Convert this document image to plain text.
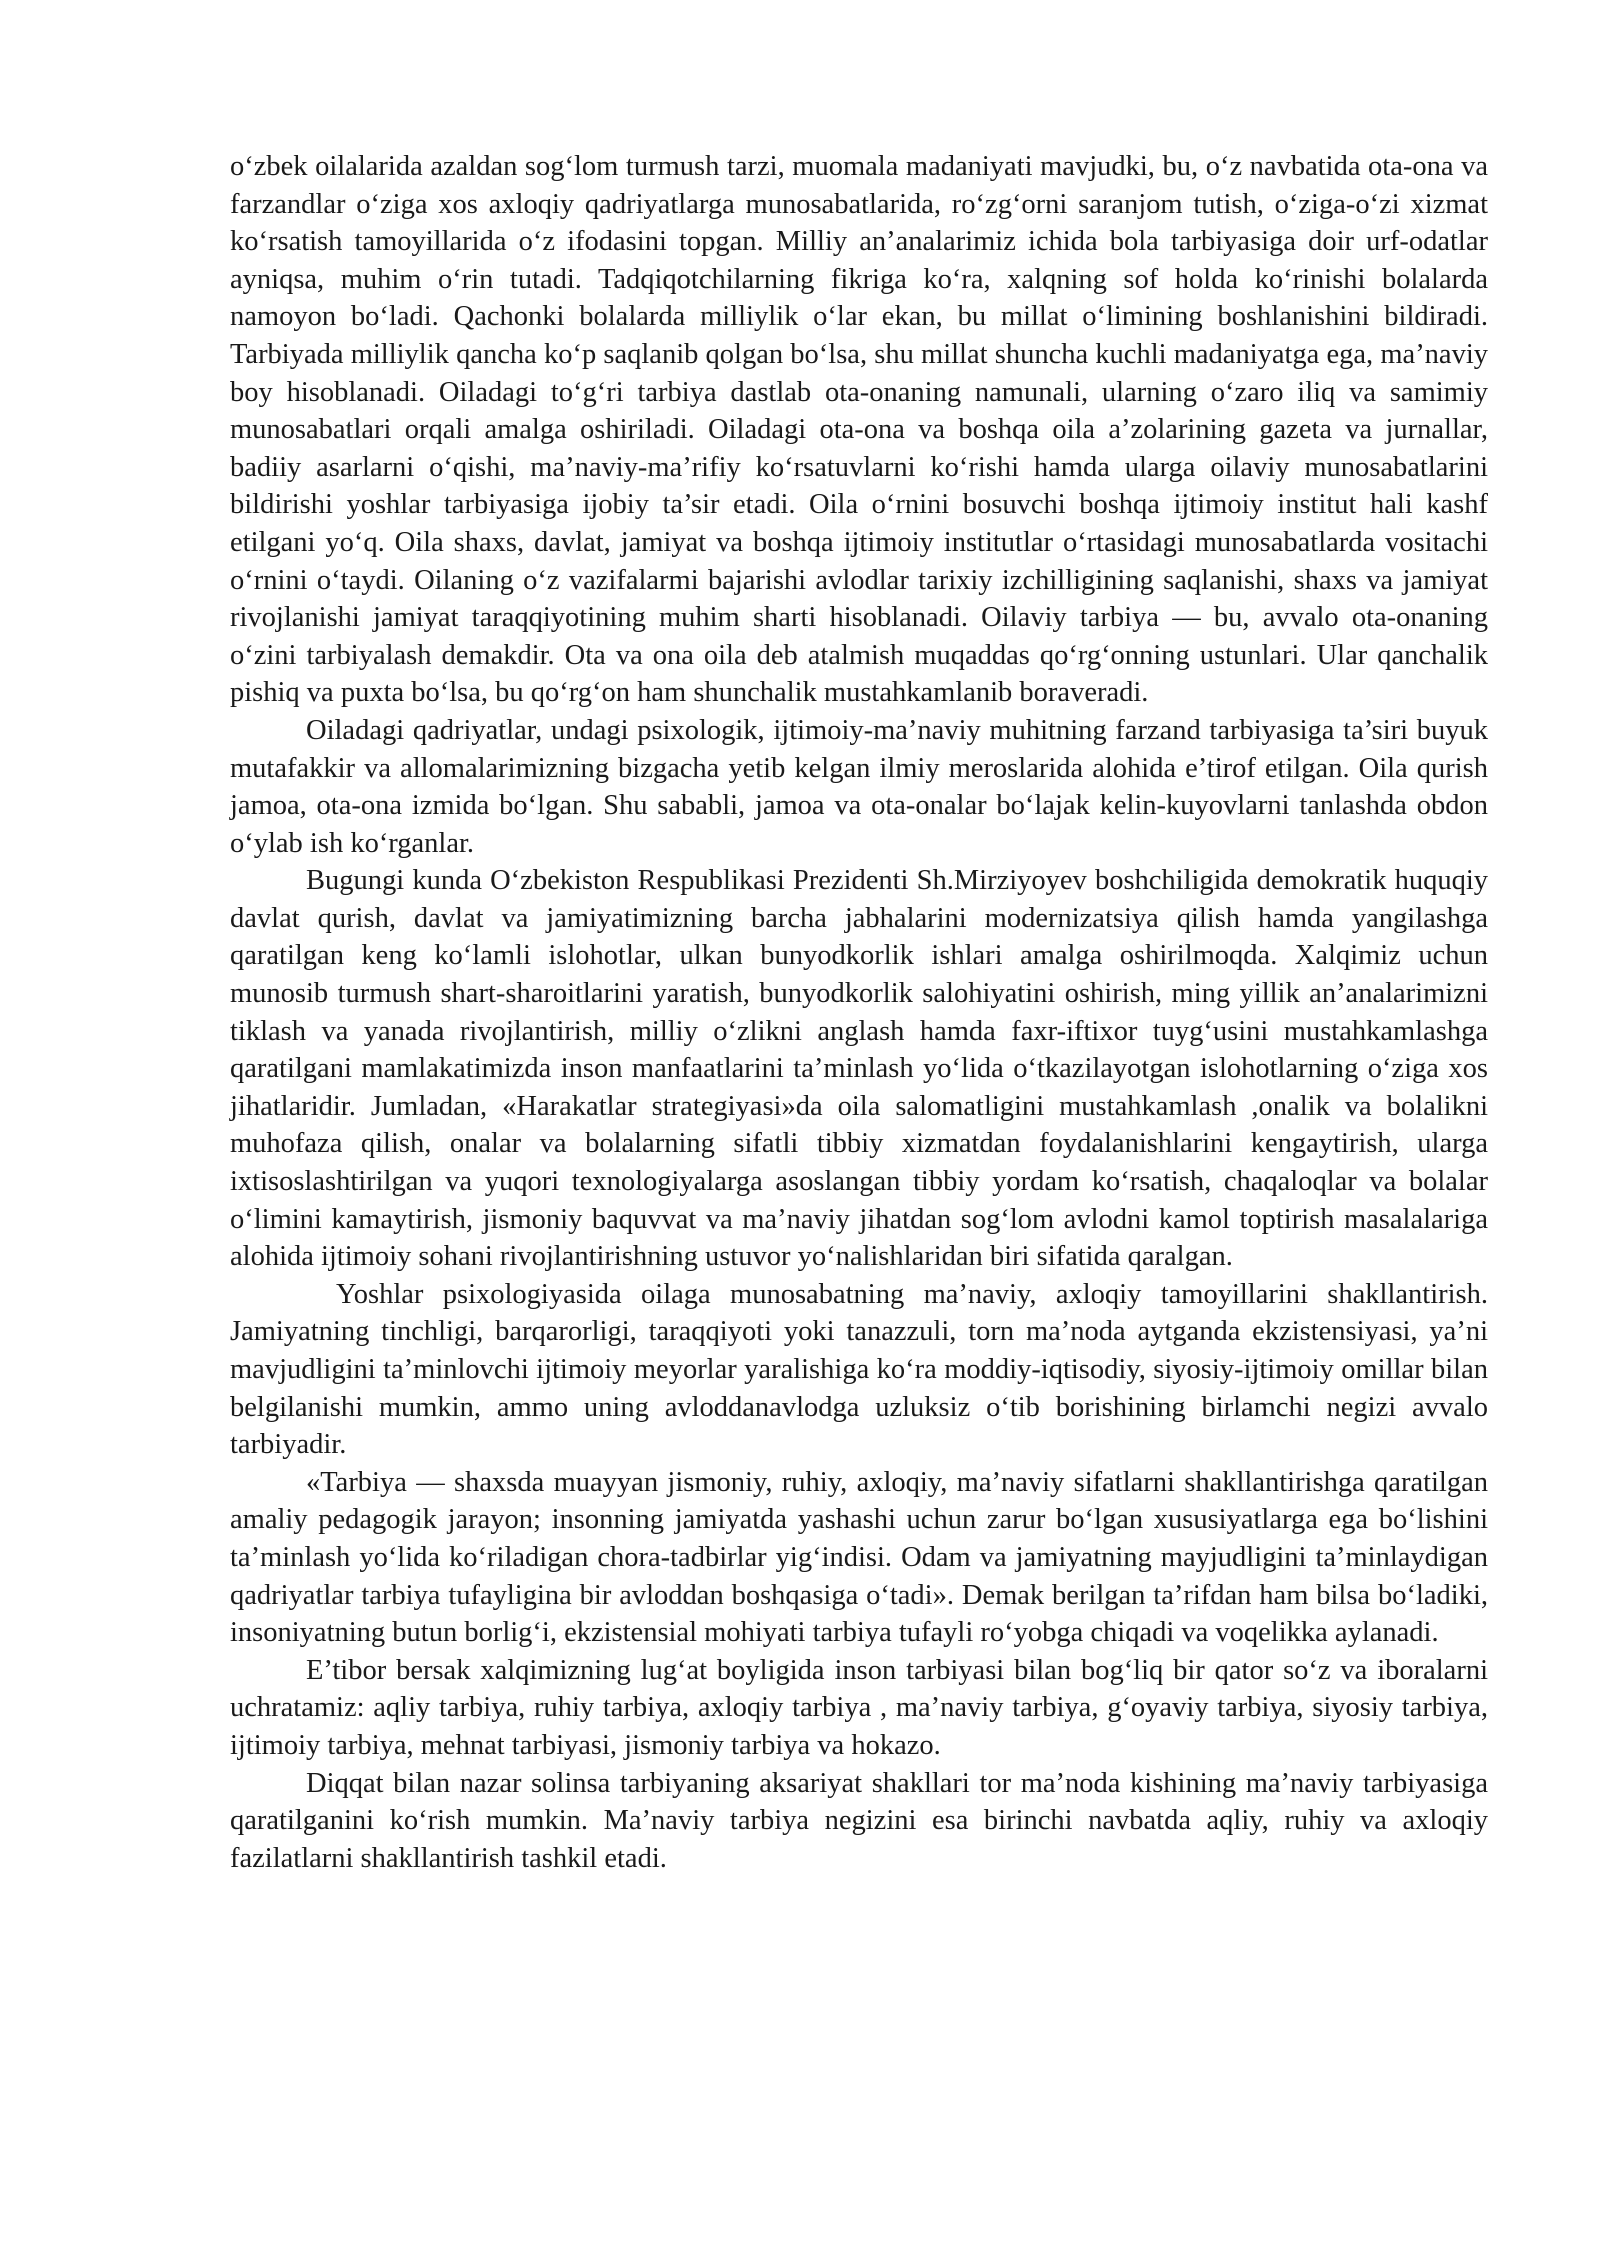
o‘zbek oilalarida azaldan sog‘lom turmush tarzi, muomala madaniyati mavjudki, bu, o‘z navbatida ota-ona va farzandlar o‘ziga xos axloqiy qadriyatlarga munosabatlarida, ro‘zg‘orni saranjom tutish, o‘ziga-o‘zi xizmat ko‘rsatish tamoyillarida o‘z ifodasini topgan. Milliy an’analarimiz ichida bola tarbiyasiga doir urf-odatlar ayniqsa, muhim o‘rin tutadi. Tadqiqotchilarning fikriga ko‘ra, xalqning sof holda ko‘rinishi bolalarda namoyon bo‘ladi. Qachonki bolalarda milliylik o‘lar ekan, bu millat o‘limining boshlanishini bildiradi. Tarbiyada milliylik qancha ko‘p saqlanib qolgan bo‘lsa, shu millat shuncha kuchli madaniyatga ega, ma’naviy boy hisoblanadi. Oiladagi to‘g‘ri tarbiya dastlab ota-onaning namunali, ularning o‘zaro iliq va samimiy munosabatlari orqali amalga oshiriladi. Oiladagi ota-ona va boshqa oila a’zolarining gazeta va jurnallar, badiiy asarlarni o‘qishi, ma’naviy-ma’rifiy ko‘rsatuvlarni ko‘rishi hamda ularga oilaviy munosabatlarini bildirishi yoshlar tarbiyasiga ijobiy ta’sir etadi. Oila o‘rnini bosuvchi boshqa ijtimoiy institut hali kashf etilgani yo‘q. Oila shaxs, davlat, jamiyat va boshqa ijtimoiy institutlar o‘rtasidagi munosabatlarda vositachi o‘rnini o‘taydi. Oilaning o‘z vazifalarmi bajarishi avlodlar tarixiy izchilligining saqlanishi, shaxs va jamiyat rivojlanishi jamiyat taraqqiyotining muhim sharti hisoblanadi. Oilaviy tarbiya — bu, avvalo ota-onaning o‘zini tarbiyalash demakdir. Ota va ona oila deb atalmish muqaddas qo‘rg‘onning ustunlari. Ular qanchalik pishiq va puxta bo‘lsa, bu qo‘rg‘on ham shunchalik mustahkamlanib boraveradi.

Oiladagi qadriyatlar, undagi psixologik, ijtimoiy-ma’naviy muhitning farzand tarbiyasiga ta’siri buyuk mutafakkir va allomalarimizning bizgacha yetib kelgan ilmiy meroslarida alohida e’tirof etilgan. Oila qurish jamoa, ota-ona izmida bo‘lgan. Shu sababli, jamoa va ota-onalar bo‘lajak kelin-kuyovlarni tanlashda obdon o‘ylab ish ko‘rganlar.

Bugungi kunda O‘zbekiston Respublikasi Prezidenti Sh.Mirziyoyev boshchiligida demokratik huquqiy davlat qurish, davlat va jamiyatimizning barcha jabhalarini modernizatsiya qilish hamda yangilashga qaratilgan keng ko‘lamli islohotlar, ulkan bunyodkorlik ishlari amalga oshirilmoqda. Xalqimiz uchun munosib turmush shart-sharoitlarini yaratish, bunyodkorlik salohiyatini oshirish, ming yillik an’analarimizni tiklash va yanada rivojlantirish, milliy o‘zlikni anglash hamda faxr-iftixor tuyg‘usini mustahkamlashga qaratilgani mamlakatimizda inson manfaatlarini ta’minlash yo‘lida o‘tkazilayotgan islohotlarning o‘ziga xos jihatlaridir. Jumladan, «Harakatlar strategiyasi»da oila salomatligini mustahkamlash ,onalik va bolalikni muhofaza qilish, onalar va bolalarning sifatli tibbiy xizmatdan foydalanishlarini kengaytirish, ularga ixtisoslashtirilgan va yuqori texnologiyalarga asoslangan tibbiy yordam ko‘rsatish, chaqaloqlar va bolalar o‘limini kamaytirish, jismoniy baquvvat va ma’naviy jihatdan sog‘lom avlodni kamol toptirish masalalariga alohida ijtimoiy sohani rivojlantirishning ustuvor yo‘nalishlaridan biri sifatida qaralgan.

Yoshlar psixologiyasida oilaga munosabatning ma’naviy, axloqiy tamoyillarini shakllantirish. Jamiyatning tinchligi, barqarorligi, taraqqiyoti yoki tanazzuli, torn ma’noda aytganda ekzistensiyasi, ya’ni mavjudligini ta’minlovchi ijtimoiy meyorlar yaralishiga ko‘ra moddiy-iqtisodiy, siyosiy-ijtimoiy omillar bilan belgilanishi mumkin, ammo uning avloddanavlodga uzluksiz o‘tib borishining birlamchi negizi avvalo tarbiyadir.

«Tarbiya — shaxsda muayyan jismoniy, ruhiy, axloqiy, ma’naviy sifatlarni shakllantirishga qaratilgan amaliy pedagogik jarayon; insonning jamiyatda yashashi uchun zarur bo‘lgan xususiyatlarga ega bo‘lishini ta’minlash yo‘lida ko‘riladigan chora-tadbirlar yig‘indisi. Odam va jamiyatning mayjudligini ta’minlaydigan qadriyatlar tarbiya tufayligina bir avloddan boshqasiga o‘tadi». Demak berilgan ta’rifdan ham bilsa bo‘ladiki, insoniyatning butun borlig‘i, ekzistensial mohiyati tarbiya tufayli ro‘yobga chiqadi va voqelikka aylanadi.

E’tibor bersak xalqimizning lug‘at boyligida inson tarbiyasi bilan bog‘liq bir qator so‘z va iboralarni uchratamiz: aqliy tarbiya, ruhiy tarbiya, axloqiy tarbiya , ma’naviy tarbiya, g‘oyaviy tarbiya, siyosiy tarbiya, ijtimoiy tarbiya, mehnat tarbiyasi, jismoniy tarbiya va hokazo.

Diqqat bilan nazar solinsa tarbiyaning aksariyat shakllari tor ma’noda kishining ma’naviy tarbiyasiga qaratilganini ko‘rish mumkin. Ma’naviy tarbiya negizini esa birinchi navbatda aqliy, ruhiy va axloqiy fazilatlarni shakllantirish tashkil etadi.
